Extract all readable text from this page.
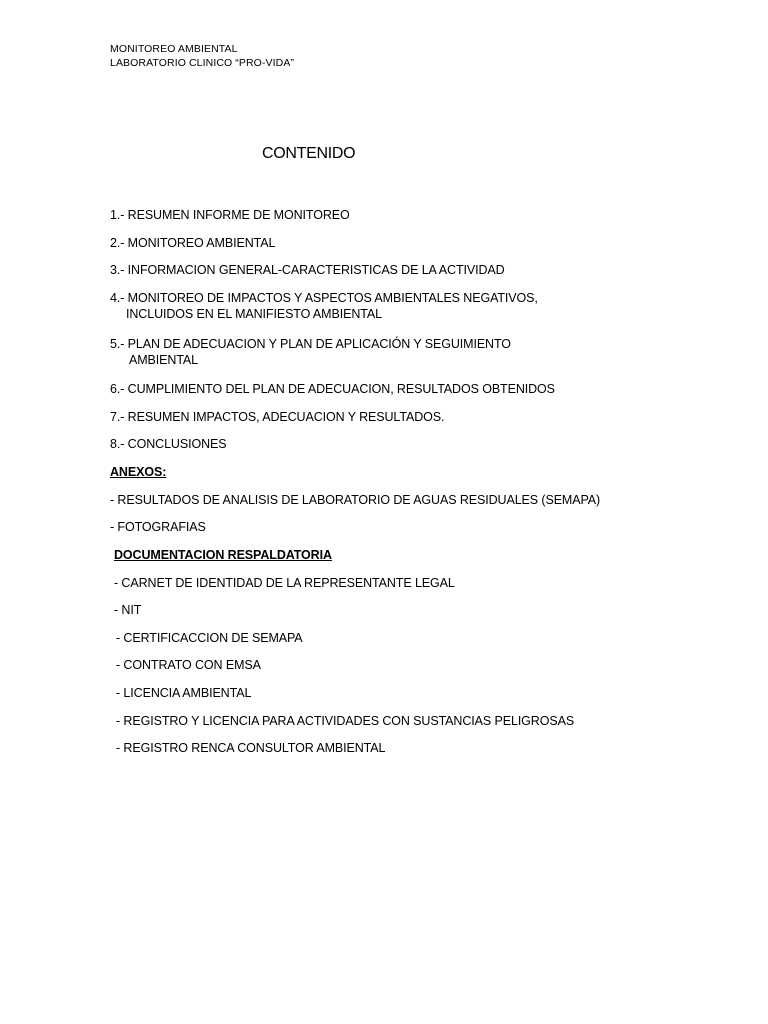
MONITOREO AMBIENTAL
LABORATORIO CLINICO “PRO-VIDA”
CONTENIDO
1.- RESUMEN INFORME DE MONITOREO
2.- MONITOREO AMBIENTAL
3.- INFORMACION GENERAL-CARACTERISTICAS DE LA ACTIVIDAD
4.- MONITOREO DE IMPACTOS Y ASPECTOS AMBIENTALES NEGATIVOS,
INCLUIDOS EN EL MANIFIESTO AMBIENTAL
5.- PLAN DE ADECUACION Y PLAN DE APLICACIÓN Y SEGUIMIENTO
AMBIENTAL
6.- CUMPLIMIENTO DEL PLAN DE ADECUACION, RESULTADOS OBTENIDOS
7.- RESUMEN IMPACTOS, ADECUACION Y RESULTADOS.
8.- CONCLUSIONES
ANEXOS:
- RESULTADOS DE ANALISIS DE LABORATORIO DE AGUAS RESIDUALES (SEMAPA)
- FOTOGRAFIAS
DOCUMENTACION RESPALDATORIA
- CARNET DE IDENTIDAD DE LA REPRESENTANTE LEGAL
- NIT
- CERTIFICACCION DE SEMAPA
- CONTRATO CON EMSA
- LICENCIA AMBIENTAL
- REGISTRO Y LICENCIA PARA ACTIVIDADES CON SUSTANCIAS PELIGROSAS
- REGISTRO RENCA CONSULTOR AMBIENTAL
